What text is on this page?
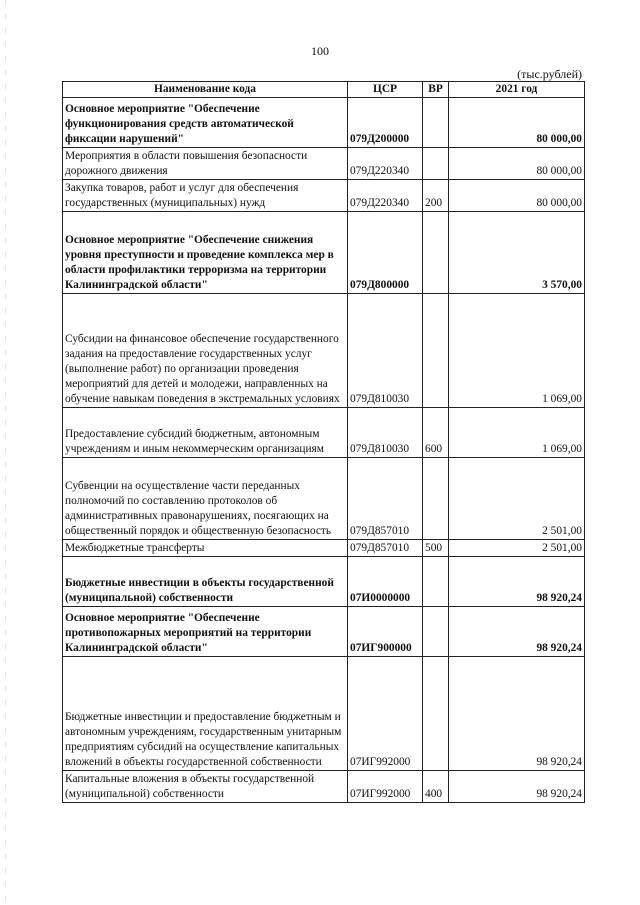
100
(тыс.рублей)
Наименование кода	ЦСР	ВР	2021 год
Основное мероприятие "Обеспечение функционирования средств автоматической фиксации нарушений"	079Д200000		80 000,00
Мероприятия в области повышения безопасности дорожного движения	079Д220340		80 000,00
Закупка товаров, работ и услуг для обеспечения государственных (муниципальных) нужд	079Д220340	200	80 000,00
Основное мероприятие "Обеспечение снижения уровня преступности и проведение комплекса мер в области профилактики терроризма на территории Калининградской области"	079Д800000		3 570,00
Субсидии на финансовое обеспечение государственного задания на предоставление государственных услуг (выполнение работ) по организации проведения мероприятий для детей и молодежи, направленных на обучение навыкам поведения в экстремальных условиях	079Д810030		1 069,00
Предоставление субсидий бюджетным, автономным учреждениям и иным некоммерческим организациям	079Д810030	600	1 069,00
Субвенции на осуществление части переданных полномочий по составлению протоколов об административных правонарушениях, посягающих на общественный порядок и общественную безопасность	079Д857010		2 501,00
Межбюджетные трансферты	079Д857010	500	2 501,00
Бюджетные инвестиции в объекты государственной (муниципальной) собственности	07И0000000		98 920,24
Основное мероприятие "Обеспечение противопожарных мероприятий на территории Калининградской области"	07ИГ900000		98 920,24
Бюджетные инвестиции и предоставление бюджетным и автономным учреждениям, государственным унитарным предприятиям субсидий на осуществление капитальных вложений в объекты государственной собственности	07ИГ992000		98 920,24
Капитальные вложения в объекты государственной (муниципальной) собственности	07ИГ992000	400	98 920,24
